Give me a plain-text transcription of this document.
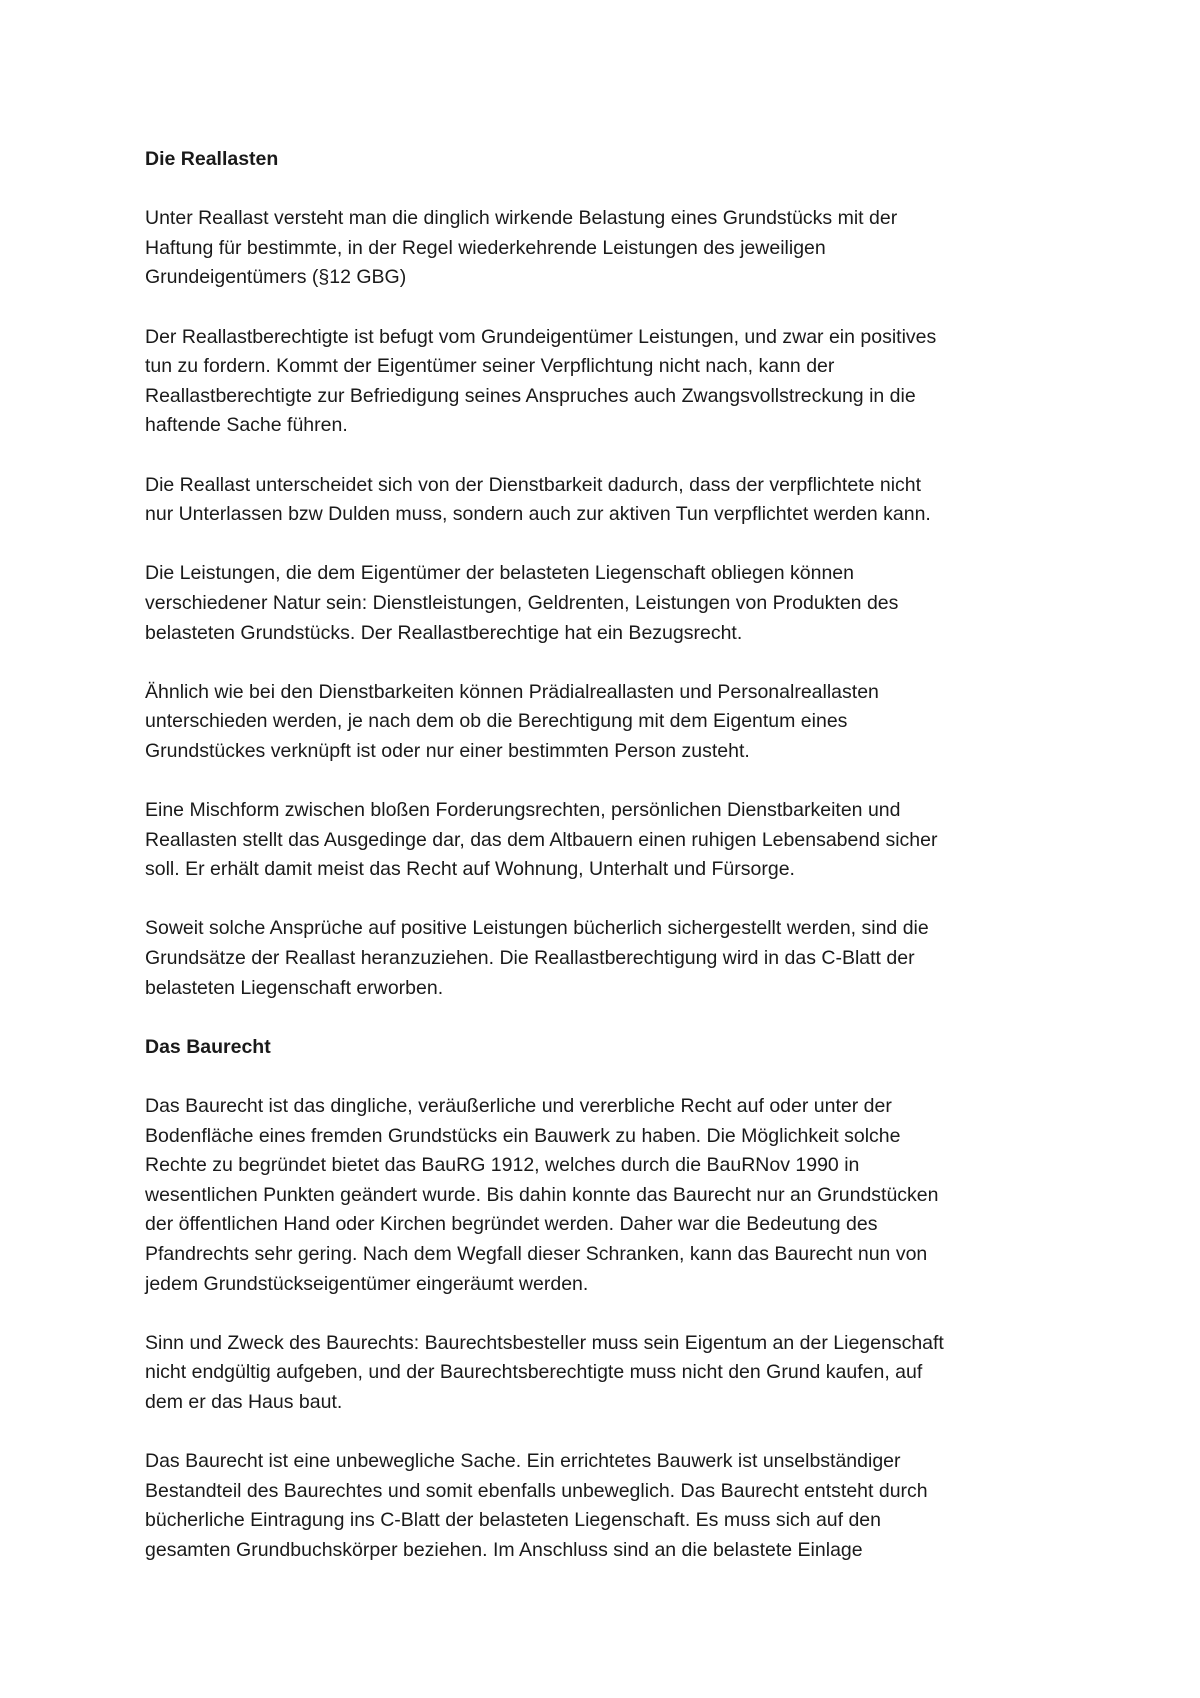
Die Reallasten

Unter Reallast versteht man die dinglich wirkende Belastung eines Grundstücks mit der
Haftung für bestimmte, in der Regel wiederkehrende Leistungen des jeweiligen
Grundeigentümers (§12 GBG)

Der Reallastberechtigte ist befugt vom Grundeigentümer Leistungen, und zwar ein positives
tun zu fordern. Kommt der Eigentümer seiner Verpflichtung nicht nach, kann der
Reallastberechtigte zur Befriedigung seines Anspruches auch Zwangsvollstreckung in die
haftende Sache führen.

Die Reallast unterscheidet sich von der Dienstbarkeit dadurch, dass der verpflichtete nicht
nur Unterlassen bzw Dulden muss, sondern auch zur aktiven Tun verpflichtet werden kann.

Die Leistungen, die dem Eigentümer der belasteten Liegenschaft obliegen können
verschiedener Natur sein: Dienstleistungen, Geldrenten, Leistungen von Produkten des
belasteten Grundstücks. Der Reallastberechtige hat ein Bezugsrecht.

Ähnlich wie bei den Dienstbarkeiten können Prädialreallasten und Personalreallasten
unterschieden werden, je nach dem ob die Berechtigung mit dem Eigentum eines
Grundstückes verknüpft ist oder nur einer bestimmten Person zusteht.

Eine Mischform zwischen bloßen Forderungsrechten, persönlichen Dienstbarkeiten und
Reallasten stellt das Ausgedinge dar, das dem Altbauern einen ruhigen Lebensabend sicher
soll. Er erhält damit meist das Recht auf Wohnung, Unterhalt und Fürsorge.

Soweit solche Ansprüche auf positive Leistungen bücherlich sichergestellt werden, sind die
Grundsätze der Reallast heranzuziehen. Die Reallastberechtigung wird in das C-Blatt der
belasteten Liegenschaft erworben.

Das Baurecht

Das Baurecht ist das dingliche, veräußerliche und vererbliche Recht auf oder unter der
Bodenfläche eines fremden Grundstücks ein Bauwerk zu haben. Die Möglichkeit solche
Rechte zu begründet bietet das BauRG 1912, welches durch die BauRNov 1990 in
wesentlichen Punkten geändert wurde. Bis dahin konnte das Baurecht nur an Grundstücken
der öffentlichen Hand oder Kirchen begründet werden. Daher war die Bedeutung des
Pfandrechts sehr gering. Nach dem Wegfall dieser Schranken, kann das Baurecht nun von
jedem Grundstückseigentümer eingeräumt werden.

Sinn und Zweck des Baurechts: Baurechtsbesteller muss sein Eigentum an der Liegenschaft
nicht endgültig aufgeben, und der Baurechtsberechtigte muss nicht den Grund kaufen, auf
dem er das Haus baut.

Das Baurecht ist eine unbewegliche Sache. Ein errichtetes Bauwerk ist unselbständiger
Bestandteil des Baurechtes und somit ebenfalls unbeweglich. Das Baurecht entsteht durch
bücherliche Eintragung ins C-Blatt der belasteten Liegenschaft. Es muss sich auf den
gesamten Grundbuchskörper beziehen. Im Anschluss sind an die belastete Einlage
